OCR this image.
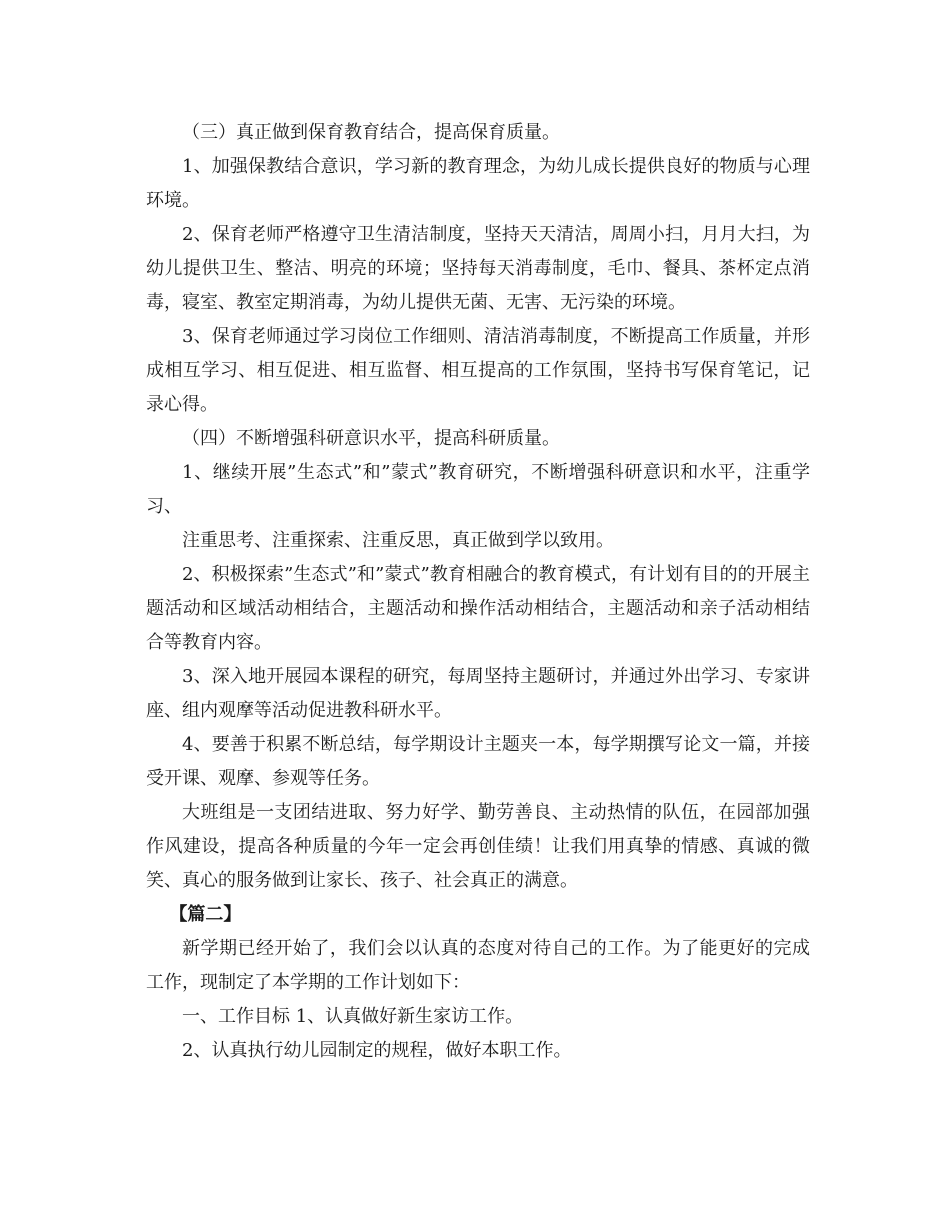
（三）真正做到保育教育结合，提高保育质量。

1、加强保教结合意识，学习新的教育理念，为幼儿成长提供良好的物质与心理环境。

2、保育老师严格遵守卫生清洁制度，坚持天天清洁，周周小扫，月月大扫，为幼儿提供卫生、整洁、明亮的环境；坚持每天消毒制度，毛巾、餐具、茶杯定点消毒，寝室、教室定期消毒，为幼儿提供无菌、无害、无污染的环境。

3、保育老师通过学习岗位工作细则、清洁消毒制度，不断提高工作质量，并形成相互学习、相互促进、相互监督、相互提高的工作氛围，坚持书写保育笔记，记录心得。

（四）不断增强科研意识水平，提高科研质量。

1、继续开展”生态式”和”蒙式”教育研究，不断增强科研意识和水平，注重学习、

注重思考、注重探索、注重反思，真正做到学以致用。

2、积极探索”生态式”和”蒙式”教育相融合的教育模式，有计划有目的的开展主题活动和区域活动相结合，主题活动和操作活动相结合，主题活动和亲子活动相结合等教育内容。

3、深入地开展园本课程的研究，每周坚持主题研讨，并通过外出学习、专家讲座、组内观摩等活动促进教科研水平。

4、要善于积累不断总结，每学期设计主题夹一本，每学期撰写论文一篇，并接受开课、观摩、参观等任务。

大班组是一支团结进取、努力好学、勤劳善良、主动热情的队伍，在园部加强作风建设，提高各种质量的今年一定会再创佳绩！让我们用真挚的情感、真诚的微笑、真心的服务做到让家长、孩子、社会真正的满意。

【篇二】

新学期已经开始了，我们会以认真的态度对待自己的工作。为了能更好的完成工作，现制定了本学期的工作计划如下：

一、工作目标 1、认真做好新生家访工作。

2、认真执行幼儿园制定的规程，做好本职工作。
